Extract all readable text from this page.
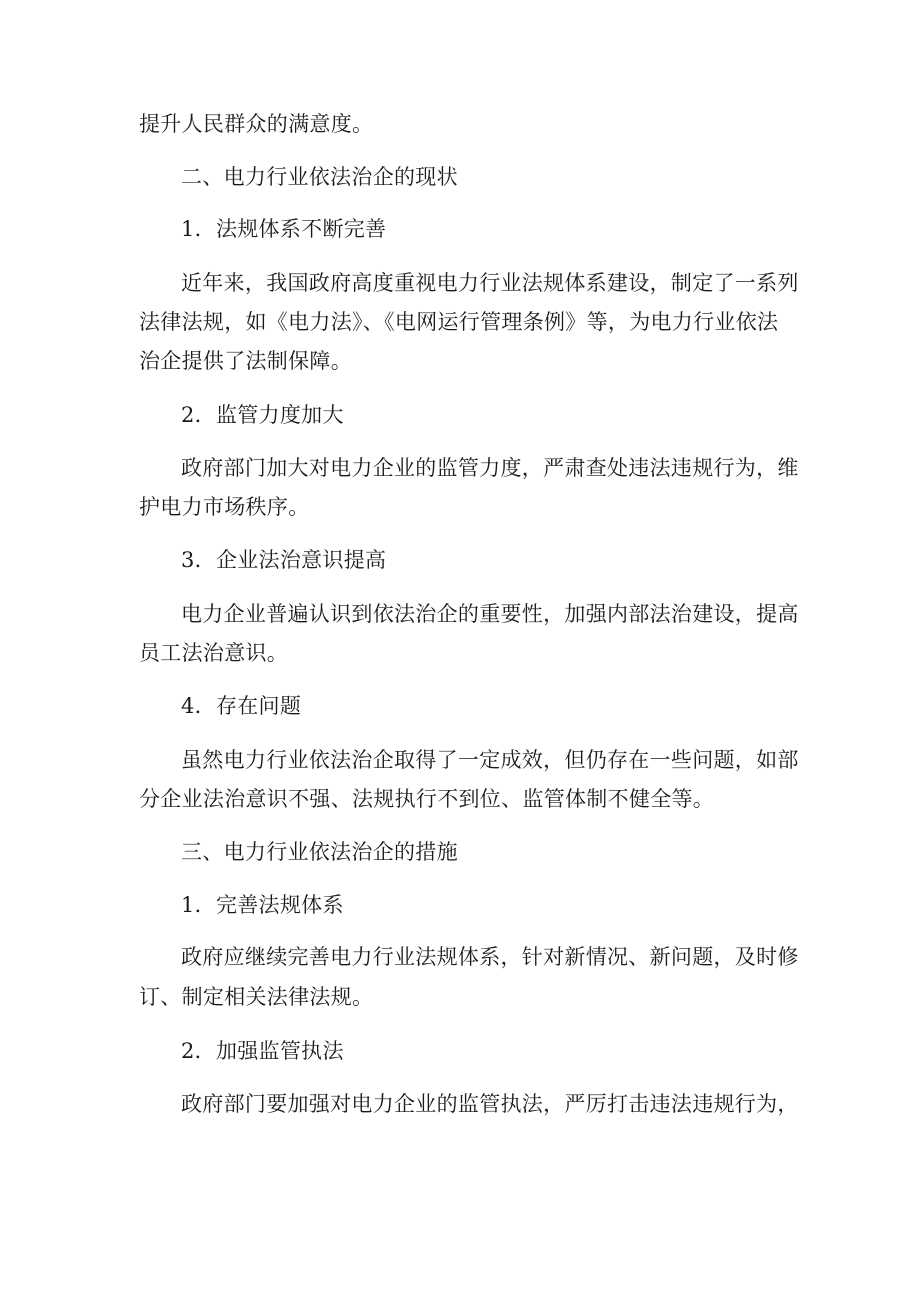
提升人民群众的满意度。
二、电力行业依法治企的现状
1．法规体系不断完善
近年来，我国政府高度重视电力行业法规体系建设，制定了一系列
法律法规，如《电力法》、《电网运行管理条例》等，为电力行业依法
治企提供了法制保障。
2．监管力度加大
政府部门加大对电力企业的监管力度，严肃查处违法违规行为，维
护电力市场秩序。
3．企业法治意识提高
电力企业普遍认识到依法治企的重要性，加强内部法治建设，提高
员工法治意识。
4．存在问题
虽然电力行业依法治企取得了一定成效，但仍存在一些问题，如部
分企业法治意识不强、法规执行不到位、监管体制不健全等。
三、电力行业依法治企的措施
1．完善法规体系
政府应继续完善电力行业法规体系，针对新情况、新问题，及时修
订、制定相关法律法规。
2．加强监管执法
政府部门要加强对电力企业的监管执法，严厉打击违法违规行为，
